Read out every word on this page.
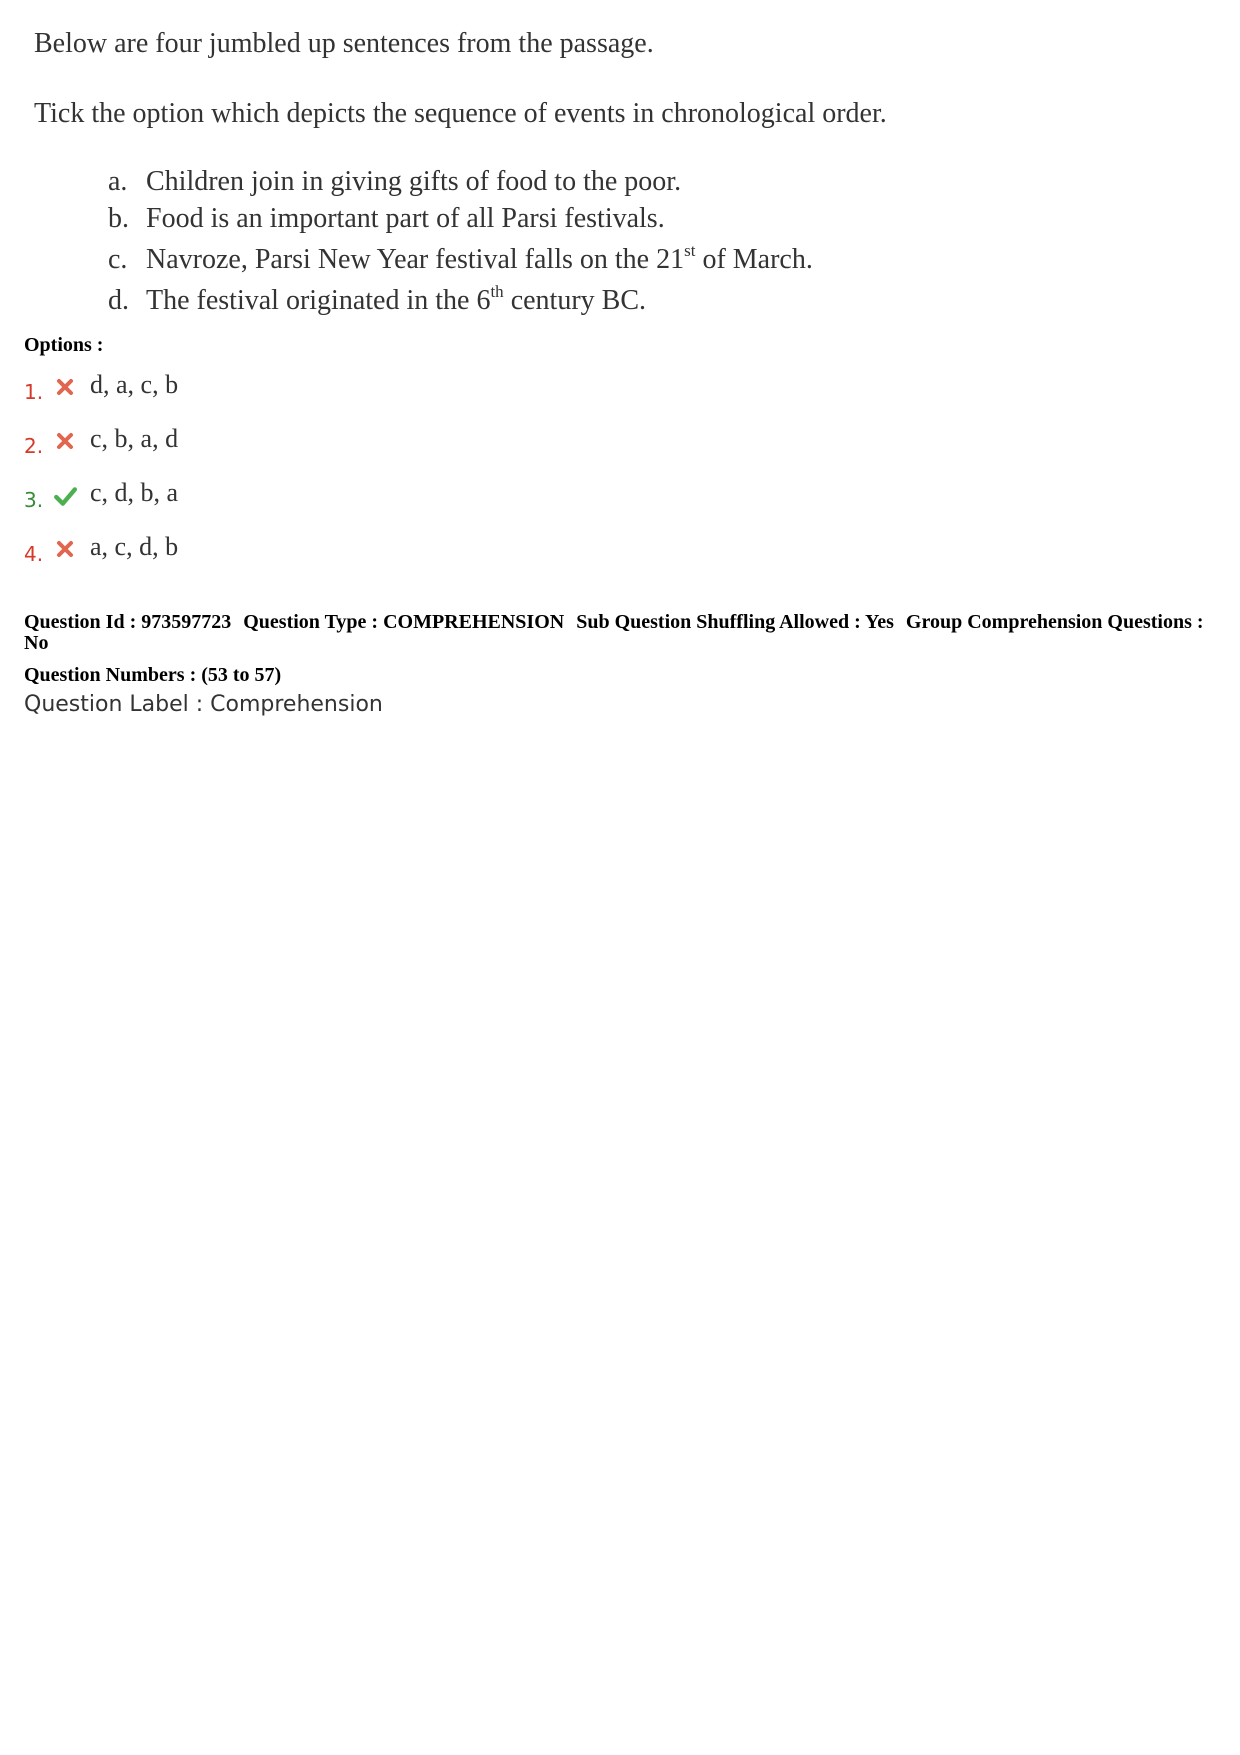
Below are four jumbled up sentences from the passage.
Tick the option which depicts the sequence of events in chronological order.
a. Children join in giving gifts of food to the poor.
b. Food is an important part of all Parsi festivals.
c. Navroze, Parsi New Year festival falls on the 21st of March.
d. The festival originated in the 6th century BC.
Options :
1. d, a, c, b
2. c, b, a, d
3. c, d, b, a
4. a, c, d, b
Question Id : 973597723 Question Type : COMPREHENSION Sub Question Shuffling Allowed : Yes Group Comprehension Questions : No
Question Numbers : (53 to 57)
Question Label : Comprehension
